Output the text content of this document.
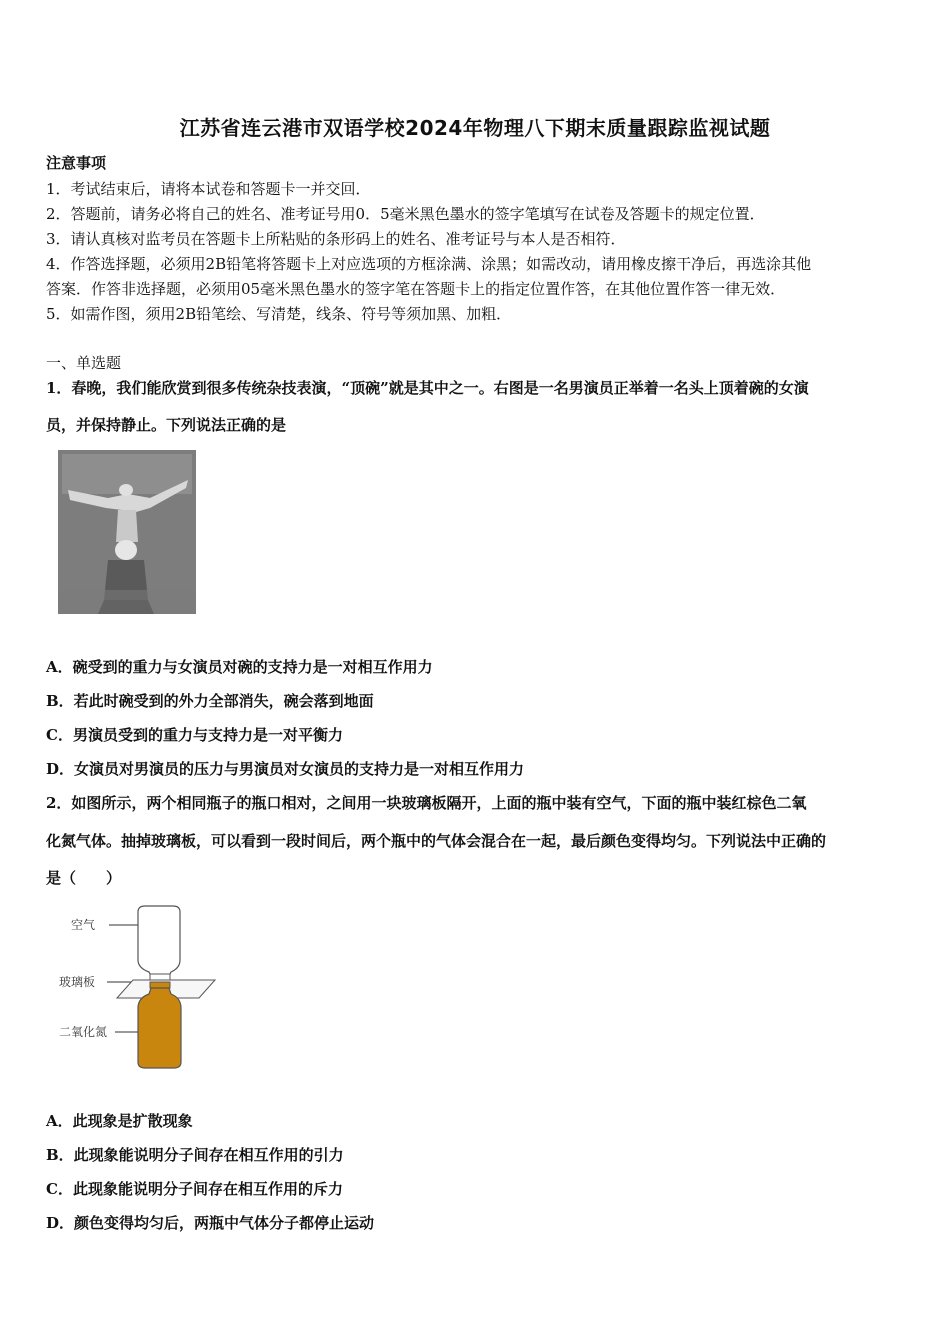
江苏省连云港市双语学校2024年物理八下期末质量跟踪监视试题
注意事项
1．考试结束后，请将本试卷和答题卡一并交回．
2．答题前，请务必将自己的姓名、准考证号用0．5毫米黑色墨水的签字笔填写在试卷及答题卡的规定位置．
3．请认真核对监考员在答题卡上所粘贴的条形码上的姓名、准考证号与本人是否相符．
4．作答选择题，必须用2B铅笔将答题卡上对应选项的方框涂满、涂黑；如需改动，请用橡皮擦干净后，再选涂其他
答案．作答非选择题，必须用05毫米黑色墨水的签字笔在答题卡上的指定位置作答，在其他位置作答一律无效．
5．如需作图，须用2B铅笔绘、写清楚，线条、符号等须加黑、加粗．
一、单选题
1．春晚，我们能欣赏到很多传统杂技表演，“顶碗”就是其中之一。右图是一名男演员正举着一名头上顶着碗的女演
员，并保持静止。下列说法正确的是
A．碗受到的重力与女演员对碗的支持力是一对相互作用力
B．若此时碗受到的外力全部消失，碗会落到地面
C．男演员受到的重力与支持力是一对平衡力
D．女演员对男演员的压力与男演员对女演员的支持力是一对相互作用力
2．如图所示，两个相同瓶子的瓶口相对，之间用一块玻璃板隔开，上面的瓶中装有空气，下面的瓶中装红棕色二氧
化氮气体。抽掉玻璃板，可以看到一段时间后，两个瓶中的气体会混合在一起，最后颜色变得均匀。下列说法中正确的
是（　　）
空气
玻璃板
二氧化氮
A．此现象是扩散现象
B．此现象能说明分子间存在相互作用的引力
C．此现象能说明分子间存在相互作用的斥力
D．颜色变得均匀后，两瓶中气体分子都停止运动
